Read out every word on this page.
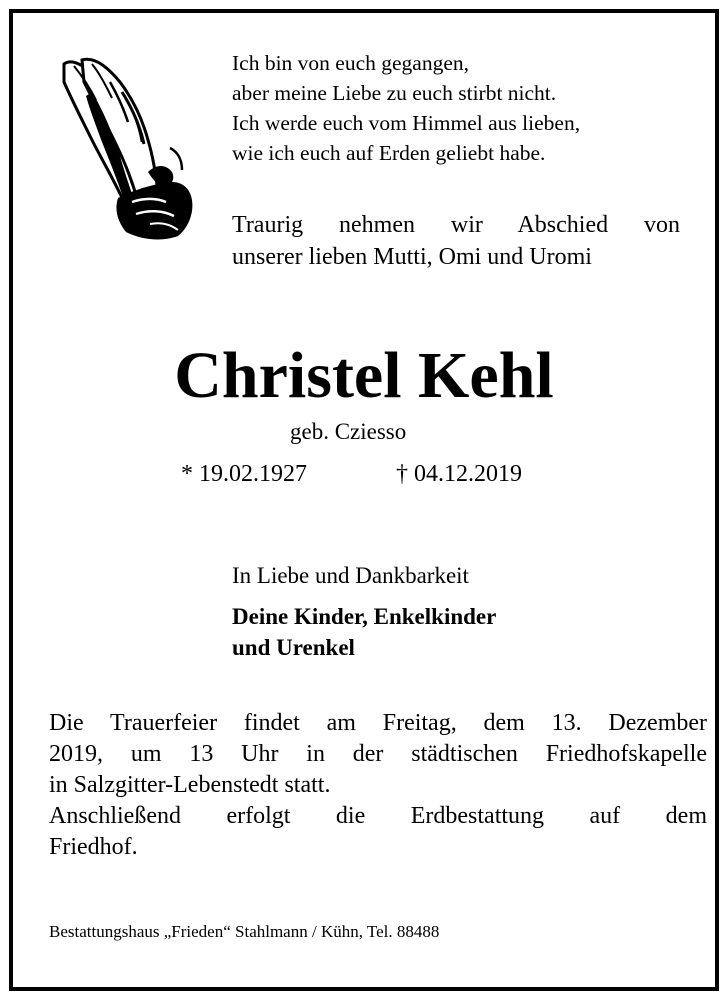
Ich bin von euch gegangen,
aber meine Liebe zu euch stirbt nicht.
Ich werde euch vom Himmel aus lieben,
wie ich euch auf Erden geliebt habe.
Traurig nehmen wir Abschied von
unserer lieben Mutti, Omi und Uromi
Christel Kehl
geb. Cziesso
* 19.02.1927	† 04.12.2019
In Liebe und Dankbarkeit
Deine Kinder, Enkelkinder
und Urenkel
Die Trauerfeier findet am Freitag, dem 13. Dezember
2019, um 13 Uhr in der städtischen Friedhofskapelle
in Salzgitter-Lebenstedt statt.
Anschließend erfolgt die Erdbestattung auf dem
Friedhof.
Bestattungshaus „Frieden“ Stahlmann / Kühn, Tel. 88488
